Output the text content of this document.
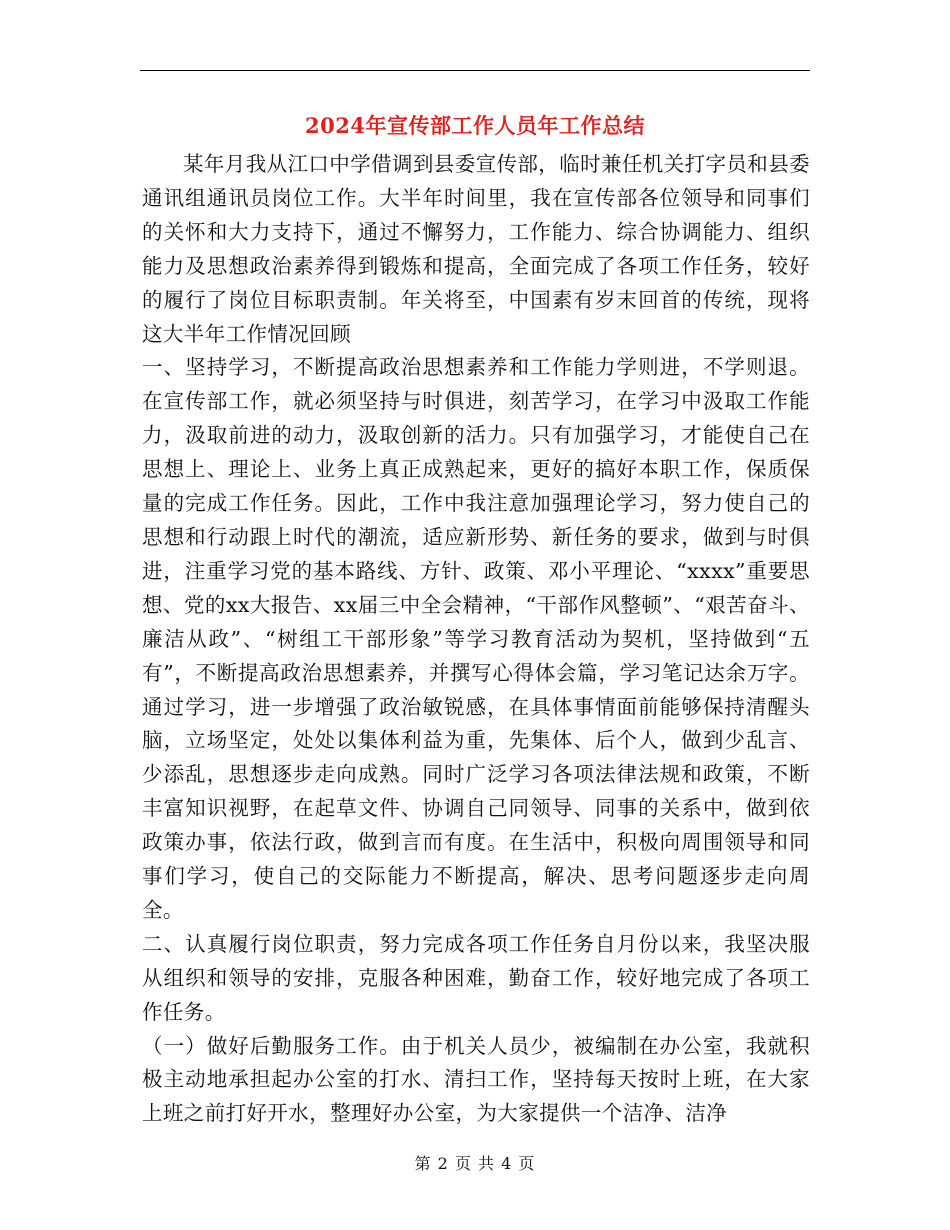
2024年宣传部工作人员年工作总结

某年月我从江口中学借调到县委宣传部，临时兼任机关打字员和县委通讯组通讯员岗位工作。大半年时间里，我在宣传部各位领导和同事们的关怀和大力支持下，通过不懈努力，工作能力、综合协调能力、组织能力及思想政治素养得到锻炼和提高，全面完成了各项工作任务，较好的履行了岗位目标职责制。年关将至，中国素有岁末回首的传统，现将这大半年工作情况回顾

一、坚持学习，不断提高政治思想素养和工作能力学则进，不学则退。在宣传部工作，就必须坚持与时俱进，刻苦学习，在学习中汲取工作能力，汲取前进的动力，汲取创新的活力。只有加强学习，才能使自己在思想上、理论上、业务上真正成熟起来，更好的搞好本职工作，保质保量的完成工作任务。因此，工作中我注意加强理论学习，努力使自己的思想和行动跟上时代的潮流，适应新形势、新任务的要求，做到与时俱进，注重学习党的基本路线、方针、政策、邓小平理论、“xxxx”重要思想、党的xx大报告、xx届三中全会精神，“干部作风整顿”、“艰苦奋斗、廉洁从政”、“树组工干部形象”等学习教育活动为契机，坚持做到“五有”，不断提高政治思想素养，并撰写心得体会篇，学习笔记达余万字。通过学习，进一步增强了政治敏锐感，在具体事情面前能够保持清醒头脑，立场坚定，处处以集体利益为重，先集体、后个人，做到少乱言、少添乱，思想逐步走向成熟。同时广泛学习各项法律法规和政策，不断丰富知识视野，在起草文件、协调自己同领导、同事的关系中，做到依政策办事，依法行政，做到言而有度。在生活中，积极向周围领导和同事们学习，使自己的交际能力不断提高，解决、思考问题逐步走向周全。

二、认真履行岗位职责，努力完成各项工作任务自月份以来，我坚决服从组织和领导的安排，克服各种困难，勤奋工作，较好地完成了各项工作任务。

（一）做好后勤服务工作。由于机关人员少，被编制在办公室，我就积极主动地承担起办公室的打水、清扫工作，坚持每天按时上班，在大家上班之前打好开水，整理好办公室，为大家提供一个洁净、洁净

第 2 页 共 4 页
